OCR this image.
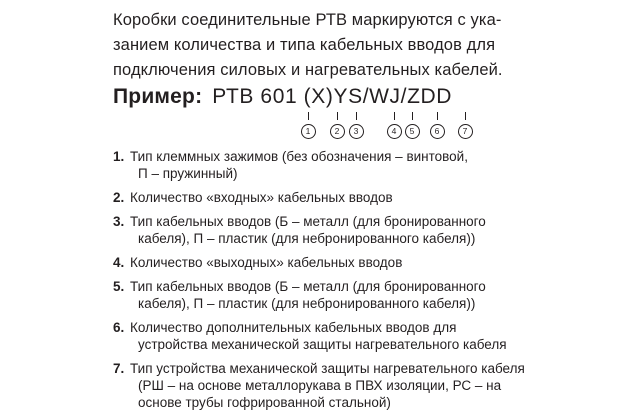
Коробки соединительные РТВ маркируются с ука-
занием количества и типа кабельных вводов для
подключения силовых и нагревательных кабелей.
Пример: РТВ 601 (Х)YS/WJ/ZDD
1	2	3	4	5	6	7
1. Тип клеммных зажимов (без обозначения – винтовой,
П – пружинный)
2. Количество «входных» кабельных вводов
3. Тип кабельных вводов (Б – металл (для бронированного
кабеля), П – пластик (для небронированного кабеля))
4. Количество «выходных» кабельных вводов
5. Тип кабельных вводов (Б – металл (для бронированного
кабеля), П – пластик (для небронированного кабеля))
6. Количество дополнительных кабельных вводов для
устройства механической защиты нагревательного кабеля
7. Тип устройства механической защиты нагревательного кабеля
(РШ – на основе металлорукава в ПВХ изоляции, РС – на
основе трубы гофрированной стальной)
